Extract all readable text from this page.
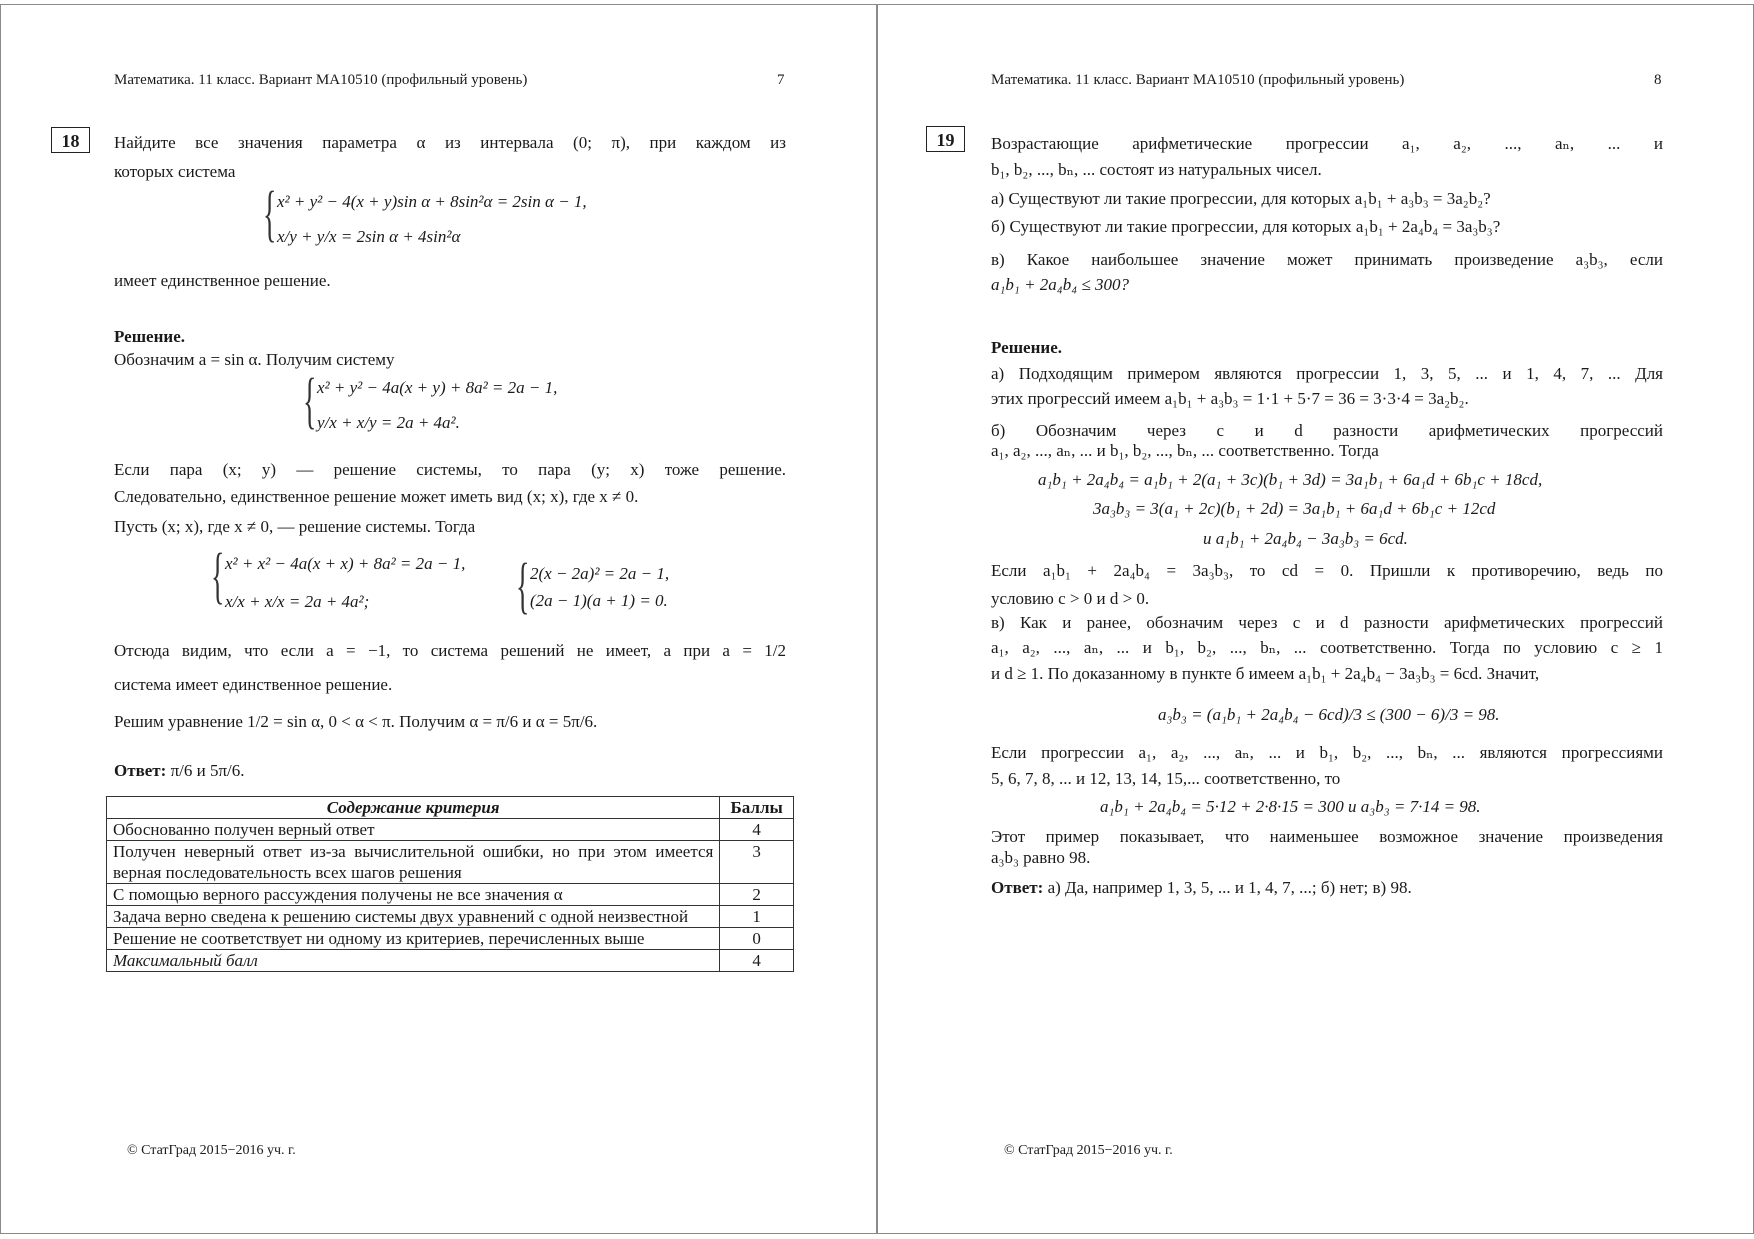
Математика. 11 класс. Вариант МА10510 (профильный уровень)	7
18	Найдите все значения параметра α из интервала (0; π), при каждом из
которых система
{ x² + y² − 4(x + y)sin α + 8sin²α = 2sin α − 1,
x/y + y/x = 2sin α + 4sin²α
имеет единственное решение.
Решение.
Обозначим a = sin α. Получим систему
{ x² + y² − 4a(x + y) + 8a² = 2a − 1,
y/x + x/y = 2a + 4a².
Если пара (x; y) — решение системы, то пара (y; x) тоже решение.
Следовательно, единственное решение может иметь вид (x; x), где x ≠ 0.
Пусть (x; x), где x ≠ 0, — решение системы. Тогда
{ x² + x² − 4a(x + x) + 8a² = 2a − 1,
x/x + x/x = 2a + 4a²; { 2(x − 2a)² = 2a − 1,
(2a − 1)(a + 1) = 0.
Отсюда видим, что если a = −1, то система решений не имеет, а при a = 1/2
система имеет единственное решение.
Решим уравнение 1/2 = sin α, 0 < α < π. Получим α = π/6 и α = 5π/6.
Ответ: π/6 и 5π/6.
Содержание критерия	Баллы
Обоснованно получен верный ответ	4
Получен неверный ответ из-за вычислительной ошибки, но при этом имеется верная последовательность всех шагов решения	3
С помощью верного рассуждения получены не все значения α	2
Задача верно сведена к решению системы двух уравнений с одной неизвестной	1
Решение не соответствует ни одному из критериев, перечисленных выше	0
Максимальный балл	4
© СтатГрад 2015−2016 уч. г.
Математика. 11 класс. Вариант МА10510 (профильный уровень)	8
19	Возрастающие арифметические прогрессии a₁, a₂, ..., aₙ, ... и
b₁, b₂, ..., bₙ, ... состоят из натуральных чисел.
а) Существуют ли такие прогрессии, для которых a₁b₁ + a₃b₃ = 3a₂b₂?
б) Существуют ли такие прогрессии, для которых a₁b₁ + 2a₄b₄ = 3a₃b₃?
в) Какое наибольшее значение может принимать произведение a₃b₃, если
a₁b₁ + 2a₄b₄ ≤ 300?
Решение.
а) Подходящим примером являются прогрессии 1, 3, 5, ... и 1, 4, 7, ... Для
этих прогрессий имеем a₁b₁ + a₃b₃ = 1·1 + 5·7 = 36 = 3·3·4 = 3a₂b₂.
б) Обозначим через c и d разности арифметических прогрессий
a₁, a₂, ..., aₙ, ... и b₁, b₂, ..., bₙ, ... соответственно. Тогда
a₁b₁ + 2a₄b₄ = a₁b₁ + 2(a₁ + 3c)(b₁ + 3d) = 3a₁b₁ + 6a₁d + 6b₁c + 18cd,
3a₃b₃ = 3(a₁ + 2c)(b₁ + 2d) = 3a₁b₁ + 6a₁d + 6b₁c + 12cd
и a₁b₁ + 2a₄b₄ − 3a₃b₃ = 6cd.
Если a₁b₁ + 2a₄b₄ = 3a₃b₃, то cd = 0. Пришли к противоречию, ведь по
условию c > 0 и d > 0.
в) Как и ранее, обозначим через c и d разности арифметических прогрессий
a₁, a₂, ..., aₙ, ... и b₁, b₂, ..., bₙ, ... соответственно. Тогда по условию c ≥ 1
и d ≥ 1. По доказанному в пункте б имеем a₁b₁ + 2a₄b₄ − 3a₃b₃ = 6cd. Значит,
a₃b₃ = (a₁b₁ + 2a₄b₄ − 6cd)/3 ≤ (300 − 6)/3 = 98.
Если прогрессии a₁, a₂, ..., aₙ, ... и b₁, b₂, ..., bₙ, ... являются прогрессиями
5, 6, 7, 8, ... и 12, 13, 14, 15,... соответственно, то
a₁b₁ + 2a₄b₄ = 5·12 + 2·8·15 = 300 и a₃b₃ = 7·14 = 98.
Этот пример показывает, что наименьшее возможное значение произведения
a₃b₃ равно 98.
Ответ: а) Да, например 1, 3, 5, ... и 1, 4, 7, ...; б) нет; в) 98.
© СтатГрад 2015−2016 уч. г.
